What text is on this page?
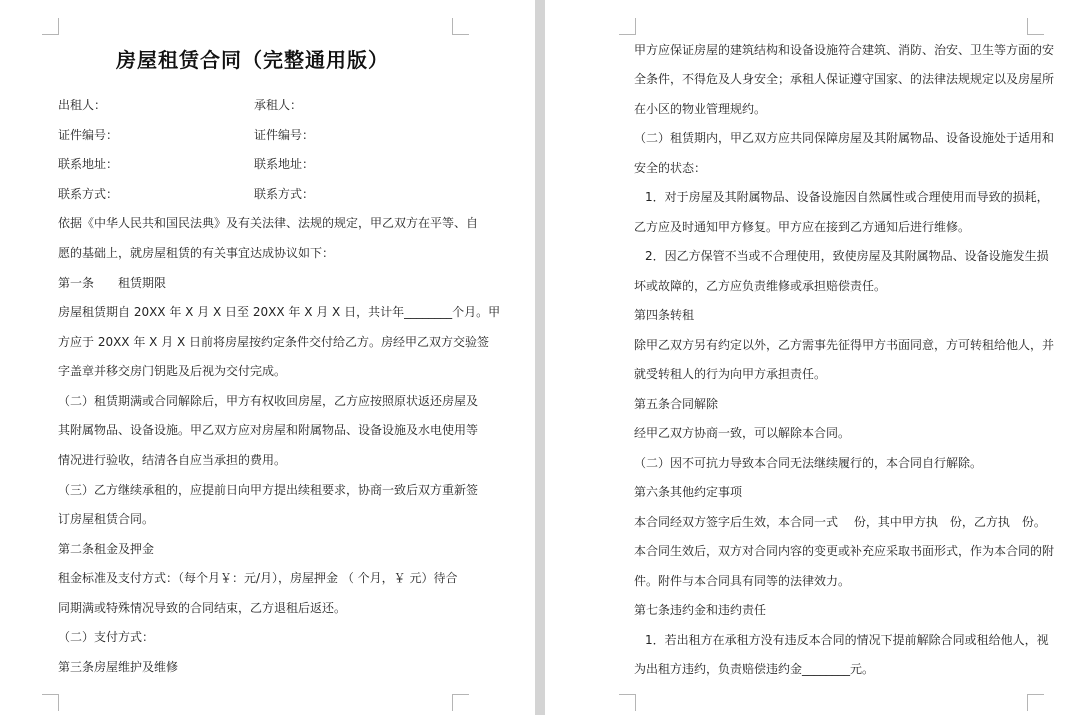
房屋租赁合同（完整通用版）
出租人：	承租人：
证件编号：	证件编号：
联系地址：	联系地址：
联系方式：	联系方式：
依据《中华人民共和国民法典》及有关法律、法规的规定，甲乙双方在平等、自
愿的基础上，就房屋租赁的有关事宜达成协议如下：
第一条　　租赁期限
房屋租赁期自 20XX 年 X 月 X 日至 20XX 年 X 月 X 日，共计年________个月。甲
方应于 20XX 年 X 月 X 日前将房屋按约定条件交付给乙方。房经甲乙双方交验签
字盖章并移交房门钥匙及后视为交付完成。
（二）租赁期满或合同解除后，甲方有权收回房屋，乙方应按照原状返还房屋及
其附属物品、设备设施。甲乙双方应对房屋和附属物品、设备设施及水电使用等
情况进行验收，结清各自应当承担的费用。
（三）乙方继续承租的，应提前日向甲方提出续租要求，协商一致后双方重新签
订房屋租赁合同。
第二条租金及押金
租金标准及支付方式：（每个月￥：元/月），房屋押金 （ 个月，￥ 元）待合
同期满或特殊情况导致的合同结束，乙方退租后返还。
（二）支付方式：
第三条房屋维护及维修
甲方应保证房屋的建筑结构和设备设施符合建筑、消防、治安、卫生等方面的安
全条件，不得危及人身安全；承租人保证遵守国家、的法律法规规定以及房屋所
在小区的物业管理规约。
（二）租赁期内，甲乙双方应共同保障房屋及其附属物品、设备设施处于适用和
安全的状态：
1．对于房屋及其附属物品、设备设施因自然属性或合理使用而导致的损耗，
乙方应及时通知甲方修复。甲方应在接到乙方通知后进行维修。
2．因乙方保管不当或不合理使用，致使房屋及其附属物品、设备设施发生损
坏或故障的，乙方应负责维修或承担赔偿责任。
第四条转租
除甲乙双方另有约定以外，乙方需事先征得甲方书面同意，方可转租给他人，并
就受转租人的行为向甲方承担责任。
第五条合同解除
经甲乙双方协商一致，可以解除本合同。
（二）因不可抗力导致本合同无法继续履行的，本合同自行解除。
第六条其他约定事项
本合同经双方签字后生效，本合同一式　 份，其中甲方执　份，乙方执　份。
本合同生效后，双方对合同内容的变更或补充应采取书面形式，作为本合同的附
件。附件与本合同具有同等的法律效力。
第七条违约金和违约责任
1．若出租方在承租方没有违反本合同的情况下提前解除合同或租给他人，视
为出租方违约，负责赔偿违约金________元。
